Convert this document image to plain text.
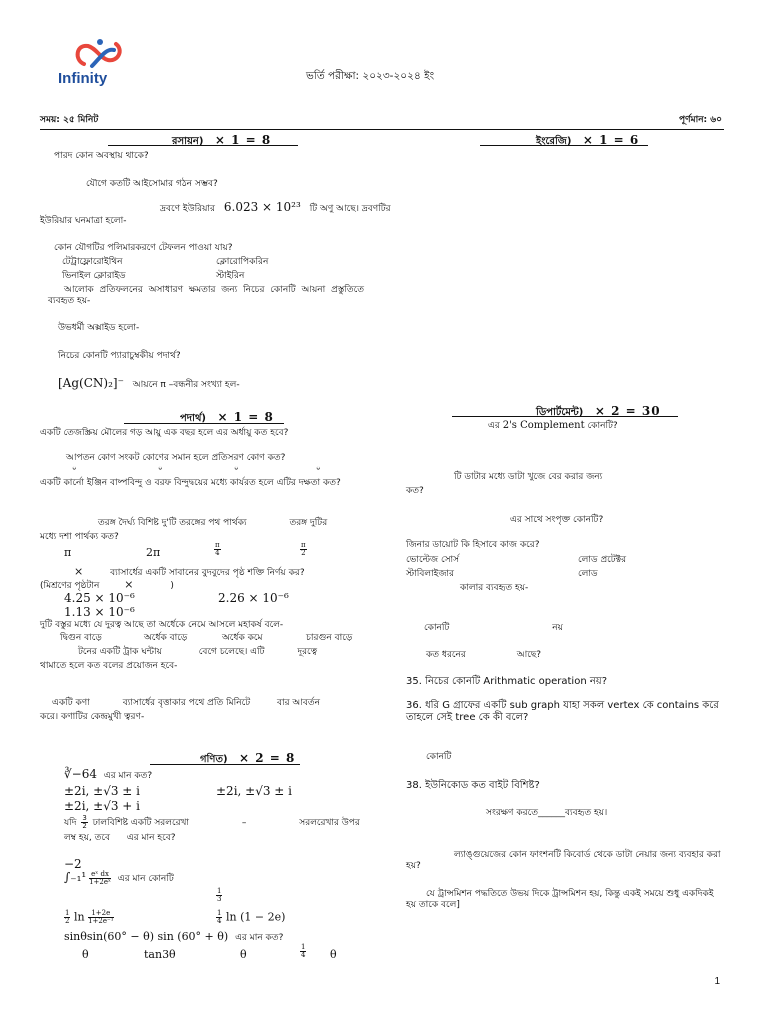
Infinity	ভর্তি পরীক্ষা: ২০২৩-২০২৪ ইং
সময়: ২৫ মিনিট	পূর্ণমান: ৬০
রসায়ন) × 1 = 8
পারদ কোন অবস্থায় থাকে?
যৌগে কতটি আইসোমার গঠন সম্ভব?
দ্রবণে ইউরিয়ার 6.023 × 10²³ টি অণু আছে। দ্রবণটির
ইউরিয়ার ঘনমাত্রা হলো-
কোন যৌগটির পলিমারকরণে টেফলন পাওয়া যায়?
টেট্রাফ্লোরোইথিন	ক্লোরোপিকরিন
ভিনাইল ক্লোরাইড	স্টাইরিন
আলোক প্রতিফলনের অসাধারণ ক্ষমতার জন্য নিচের কোনটি আয়না প্রস্তুতিতে ব্যবহৃত হয়-
উভধর্মী অক্সাইড হলো-
নিচের কোনটি প্যারাচুম্বকীয় পদার্থ?
[Ag(CN)₂]⁻ আয়নে π –বন্ধনীর সংখ্যা হল-
পদার্থ) × 1 = 8
একটি তেজস্ক্রিয় মৌলের গড় আয়ু এক বছর হলে এর অর্ধায়ু কত হবে?
আপতন কোণ সংকট কোণের সমান হলে প্রতিসরণ কোণ কত?
০	০	০	০
একটি কার্নো ইঞ্জিন বাষ্পবিন্দু ও বরফ বিন্দুদ্বয়ের মধ্যে কার্যরত হলে এটির দক্ষতা কত?
তরঙ্গ দৈর্ঘ্য বিশিষ্ট দু'টি তরঙ্গের পথ পার্থক্য	তরঙ্গ দুটির
মধ্যে দশা পার্থক্য কত?
π	2π	$\frac{\pi}{4}$	$\frac{\pi}{2}$
×	ব্যাসার্ধের একটি সাবানের বুদবুদের পৃষ্ঠ শক্তি নির্ণয় কর?
(মিশ্রণের পৃষ্ঠটান ×	)
4.25 × 10⁻⁶	2.26 × 10⁻⁶
1.13 × 10⁻⁶
দুটি বস্তুর মধ্যে যে দুরত্ব আছে তা অর্ধেকে নেমে আসলে মহাকর্ষ বলে-
দ্বিগুন বাড়ে	অর্ধেক বাড়ে	অর্ধেক কমে	চারগুন বাড়ে
টনের একটি ট্রাক ঘন্টায়	বেগে চলেছে। এটি	দূরত্বে
থামাতে হলে কত বলের প্রয়োজন হবে-
একটি কণা	ব্যাসার্ধের বৃত্তাকার পথে প্রতি মিনিটে	বার আবর্তন
করে। কণাটির কেন্দ্রমুখী ত্বরণ-
গণিত) × 2 = 8
∛−64 এর মান কত?
±2i, ±√3 ± i	±2i, ±√3 ± i
±2i, ±√3 + i
যদি $\frac{3}{2}$ ঢালবিশিষ্ট একটি সরলরেখা	–	সরলরেখার উপর
লম্ব হয়, তবে এর মান হবে?
−2
$\int_{-1}^1 \frac{\text{eˣ dx}}{\text{1+2eˣ}}$ এর মান কোনটি
$\frac{1}{3}$
$\frac{1}{2}$ $\ln \frac{1+2e}{\text{1+2e⁻¹}}$	$\frac{1}{4}$ ln (1 − 2e)
sinθsin(60° − θ) sin (60° + θ) এর মান কত?
θ	tan3θ	θ	$\frac{1}{4}$ θ
ইংরেজি) × 1 = 6
ডিপার্টমেন্ট) × 2 = 30
এর 2's Complement কোনটি?
টি ডাটার মধ্যে ডাটা খুজে বের করার জন্য
কত?
এর সাথে সংপৃক্ত কোনটি?
জিনার ডায়োট কি হিসাবে কাজ করে?
ভোল্টেজ সোর্স	লোড প্রটেক্টর
স্টাবিলাইজার	লোড
কালার ব্যবহৃত হয়-
কোনটি	নয়
কত ধরনের	আছে?
35. নিচের কোনটি Arithmatic operation নয়?
36. ধরি G গ্রাফের একটি sub graph যাহা সকল vertex কে contains করে তাহলে সেই tree কে কী বলে?
কোনটি
38. ইউনিকোড কত বাইট বিশিষ্ট?
সংরক্ষণ করতে______ব্যবহৃত হয়।
ল্যাঙ্গুয়েজের কোন ফাংশনটি কিবোর্ড থেকে ডাটা নেয়ার জন্য ব্যবহার করা হয়?
যে ট্রান্সমিশন পদ্ধতিতে উভয় দিকে ট্রান্সমিশন হয়, কিন্তু একই সময়ে শুধু একদিকই হয় তাকে বলে]
1
